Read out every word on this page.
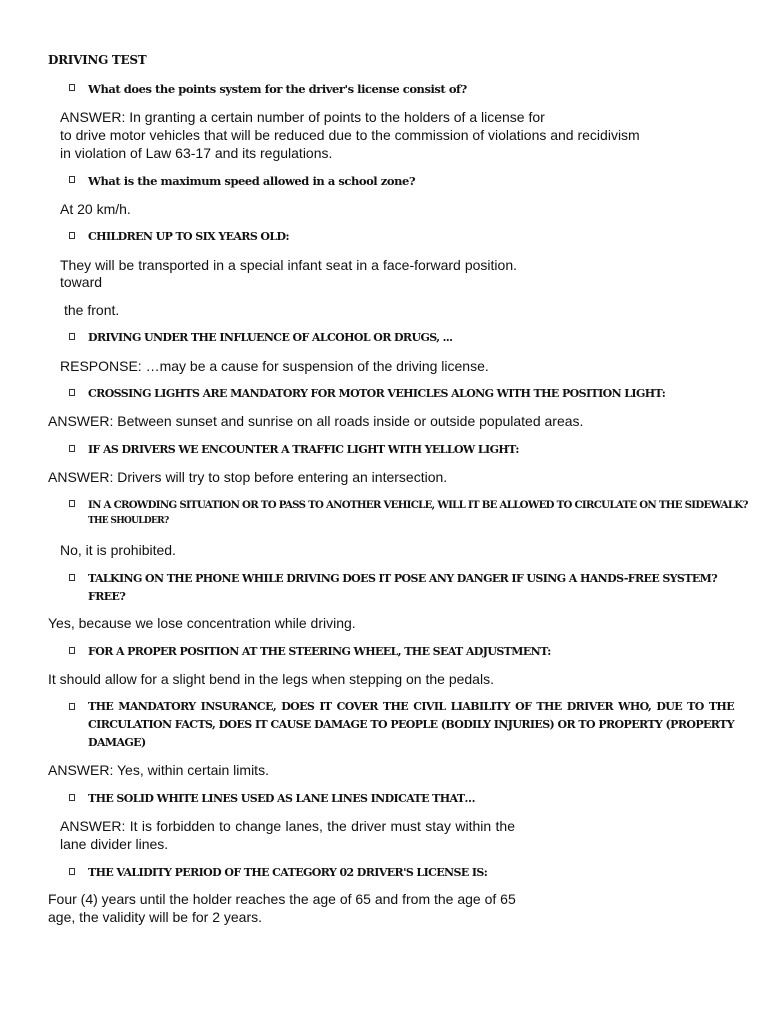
DRIVING TEST
What does the points system for the driver's license consist of?
ANSWER: In granting a certain number of points to the holders of a license for
to drive motor vehicles that will be reduced due to the commission of violations and recidivism
in violation of Law 63-17 and its regulations.
What is the maximum speed allowed in a school zone?
At 20 km/h.
CHILDREN UP TO SIX YEARS OLD:
They will be transported in a special infant seat in a face-forward position.
toward
the front.
DRIVING UNDER THE INFLUENCE OF ALCOHOL OR DRUGS, ...
RESPONSE: …may be a cause for suspension of the driving license.
CROSSING LIGHTS ARE MANDATORY FOR MOTOR VEHICLES ALONG WITH THE POSITION LIGHT:
ANSWER: Between sunset and sunrise on all roads inside or outside populated areas.
IF AS DRIVERS WE ENCOUNTER A TRAFFIC LIGHT WITH YELLOW LIGHT:
ANSWER: Drivers will try to stop before entering an intersection.
IN A CROWDING SITUATION OR TO PASS TO ANOTHER VEHICLE, WILL IT BE ALLOWED TO CIRCULATE ON THE SIDEWALK?
THE SHOULDER?
No, it is prohibited.
TALKING ON THE PHONE WHILE DRIVING DOES IT POSE ANY DANGER IF USING A HANDS-FREE SYSTEM?
FREE?
Yes, because we lose concentration while driving.
FOR A PROPER POSITION AT THE STEERING WHEEL, THE SEAT ADJUSTMENT:
It should allow for a slight bend in the legs when stepping on the pedals.
THE MANDATORY INSURANCE, DOES IT COVER THE CIVIL LIABILITY OF THE DRIVER WHO, DUE TO THE CIRCULATION FACTS, DOES IT CAUSE DAMAGE TO PEOPLE (BODILY INJURIES) OR TO PROPERTY (PROPERTY DAMAGE)
ANSWER: Yes, within certain limits.
THE SOLID WHITE LINES USED AS LANE LINES INDICATE THAT…
ANSWER: It is forbidden to change lanes, the driver must stay within the
lane divider lines.
THE VALIDITY PERIOD OF THE CATEGORY 02 DRIVER'S LICENSE IS:
Four (4) years until the holder reaches the age of 65 and from the age of 65
age, the validity will be for 2 years.
